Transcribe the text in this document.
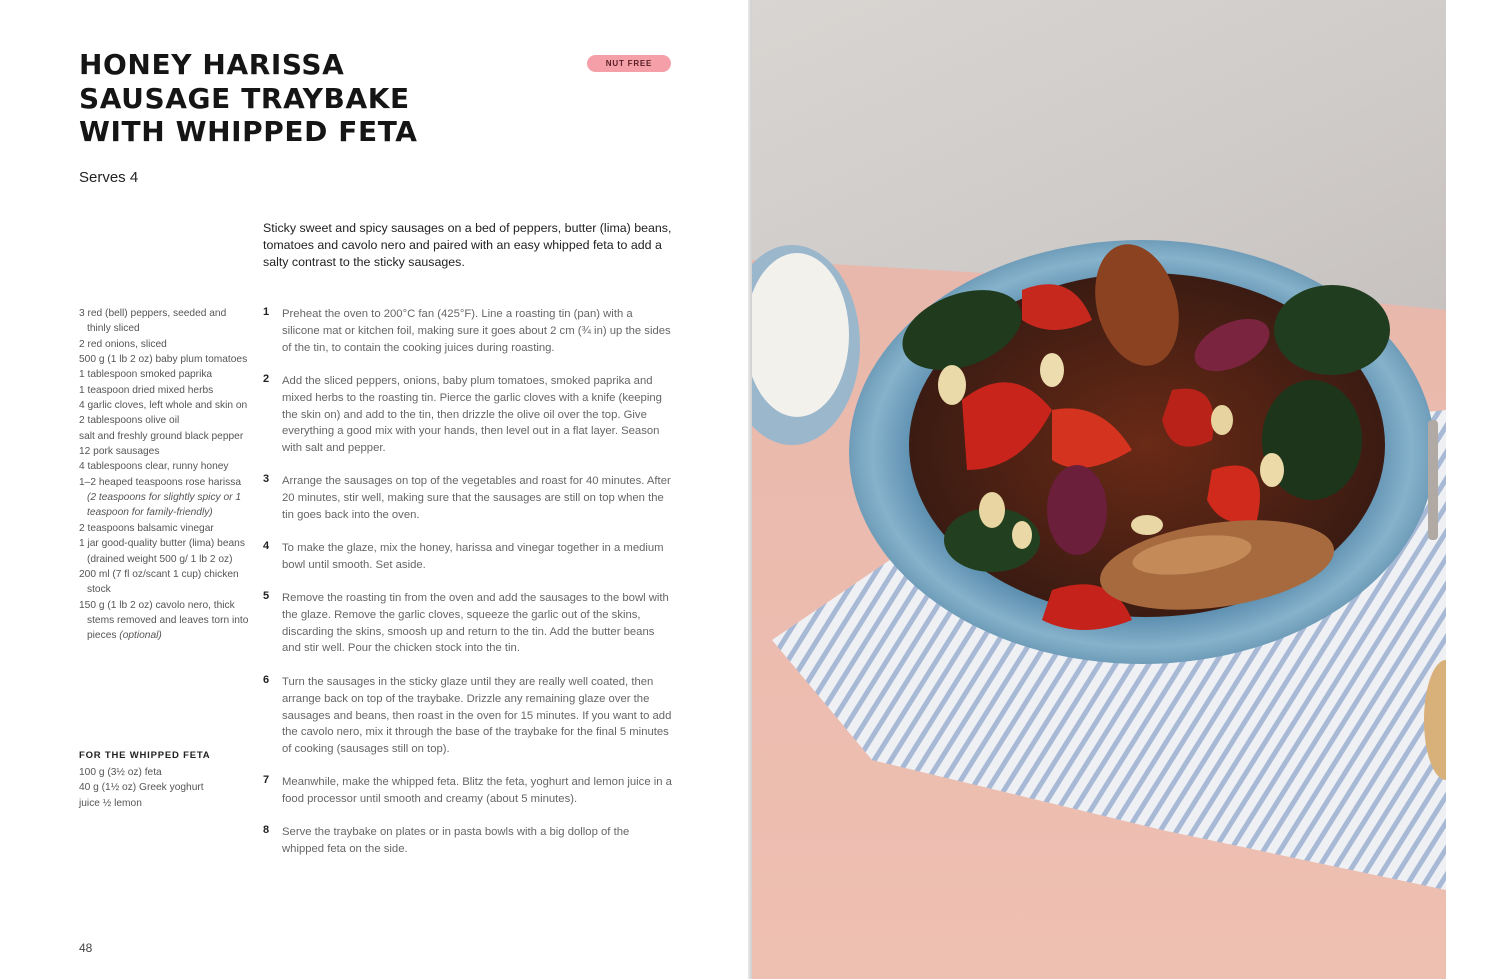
HONEY HARISSA
SAUSAGE TRAYBAKE
WITH WHIPPED FETA
NUT FREE
Serves 4

Sticky sweet and spicy sausages on a bed of peppers, butter (lima) beans, tomatoes and cavolo nero and paired with an easy whipped feta to add a salty contrast to the sticky sausages.

3 red (bell) peppers, seeded and thinly sliced
2 red onions, sliced
500 g (1 lb 2 oz) baby plum tomatoes
1 tablespoon smoked paprika
1 teaspoon dried mixed herbs
4 garlic cloves, left whole and skin on
2 tablespoons olive oil
salt and freshly ground black pepper
12 pork sausages
4 tablespoons clear, runny honey
1–2 heaped teaspoons rose harissa (2 teaspoons for slightly spicy or 1 teaspoon for family-friendly)
2 teaspoons balsamic vinegar
1 jar good-quality butter (lima) beans (drained weight 500 g/ 1 lb 2 oz)
200 ml (7 fl oz/scant 1 cup) chicken stock
150 g (1 lb 2 oz) cavolo nero, thick stems removed and leaves torn into pieces (optional)
FOR THE WHIPPED FETA
100 g (3½ oz) feta
40 g (1½ oz) Greek yoghurt
juice ½ lemon
1 Preheat the oven to 200°C fan (425°F). Line a roasting tin (pan) with a silicone mat or kitchen foil, making sure it goes about 2 cm (¾ in) up the sides of the tin, to contain the cooking juices during roasting.
2 Add the sliced peppers, onions, baby plum tomatoes, smoked paprika and mixed herbs to the roasting tin. Pierce the garlic cloves with a knife (keeping the skin on) and add to the tin, then drizzle the olive oil over the top. Give everything a good mix with your hands, then level out in a flat layer. Season with salt and pepper.
3 Arrange the sausages on top of the vegetables and roast for 40 minutes. After 20 minutes, stir well, making sure that the sausages are still on top when the tin goes back into the oven.
4 To make the glaze, mix the honey, harissa and vinegar together in a medium bowl until smooth. Set aside.
5 Remove the roasting tin from the oven and add the sausages to the bowl with the glaze. Remove the garlic cloves, squeeze the garlic out of the skins, discarding the skins, smoosh up and return to the tin. Add the butter beans and stir well. Pour the chicken stock into the tin.
6 Turn the sausages in the sticky glaze until they are really well coated, then arrange back on top of the traybake. Drizzle any remaining glaze over the sausages and beans, then roast in the oven for 15 minutes. If you want to add the cavolo nero, mix it through the base of the traybake for the final 5 minutes of cooking (sausages still on top).
7 Meanwhile, make the whipped feta. Blitz the feta, yoghurt and lemon juice in a food processor until smooth and creamy (about 5 minutes).
8 Serve the traybake on plates or in pasta bowls with a big dollop of the whipped feta on the side.
48
